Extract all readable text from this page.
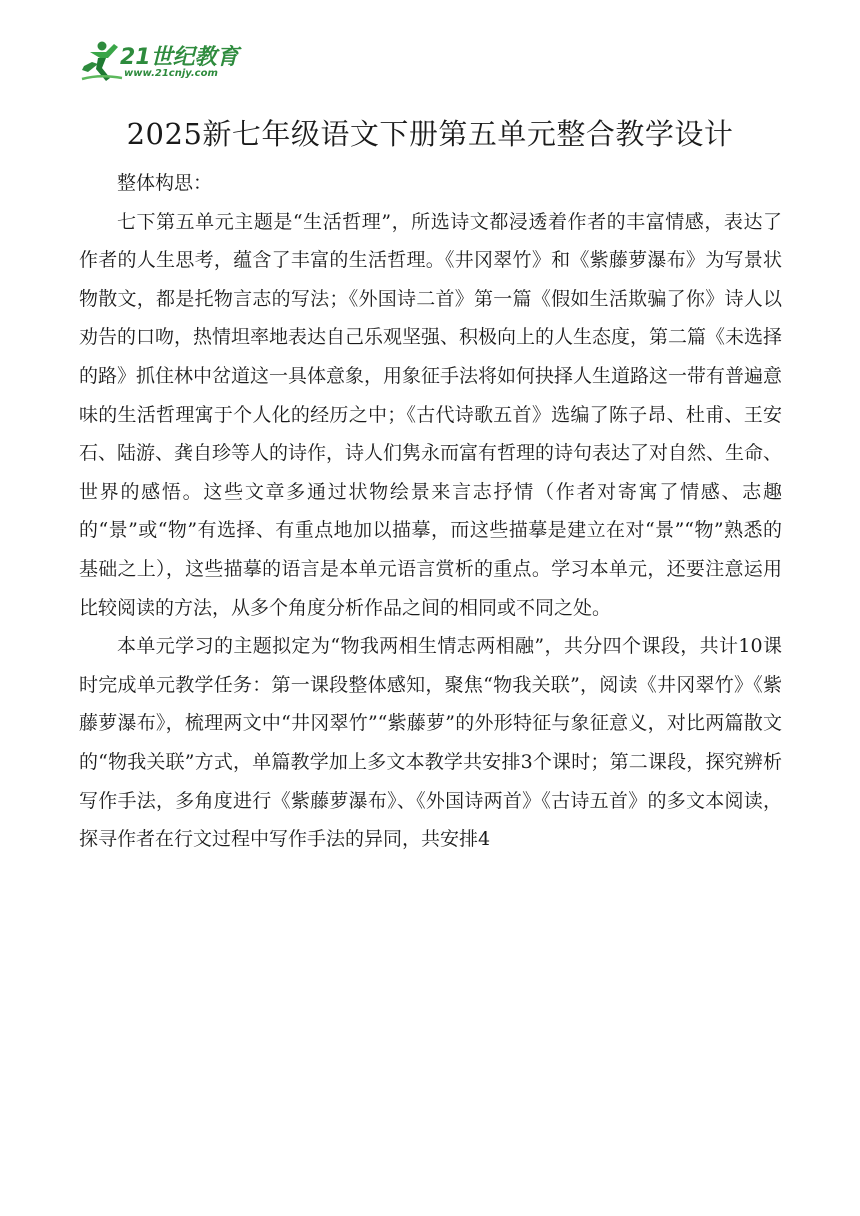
21世纪教育
www.21cnjy.com
2025新七年级语文下册第五单元整合教学设计

整体构思：

七下第五单元主题是“生活哲理”，所选诗文都浸透着作者的丰富情感，表达了作者的人生思考，蕴含了丰富的生活哲理。《井冈翠竹》和《紫藤萝瀑布》为写景状物散文，都是托物言志的写法；《外国诗二首》第一篇《假如生活欺骗了你》诗人以劝告的口吻，热情坦率地表达自己乐观坚强、积极向上的人生态度，第二篇《未选择的路》抓住林中岔道这一具体意象，用象征手法将如何抉择人生道路这一带有普遍意味的生活哲理寓于个人化的经历之中；《古代诗歌五首》选编了陈子昂、杜甫、王安石、陆游、龚自珍等人的诗作，诗人们隽永而富有哲理的诗句表达了对自然、生命、世界的感悟。这些文章多通过状物绘景来言志抒情（作者对寄寓了情感、志趣的“景”或“物”有选择、有重点地加以描摹，而这些描摹是建立在对“景”“物”熟悉的基础之上），这些描摹的语言是本单元语言赏析的重点。学习本单元，还要注意运用比较阅读的方法，从多个角度分析作品之间的相同或不同之处。

本单元学习的主题拟定为“物我两相生情志两相融”，共分四个课段，共计10课时完成单元教学任务：第一课段整体感知，聚焦“物我关联”，阅读《井冈翠竹》《紫藤萝瀑布》，梳理两文中“井冈翠竹”“紫藤萝”的外形特征与象征意义，对比两篇散文的“物我关联”方式，单篇教学加上多文本教学共安排3个课时；第二课段，探究辨析写作手法，多角度进行《紫藤萝瀑布》、《外国诗两首》《古诗五首》的多文本阅读，探寻作者在行文过程中写作手法的异同，共安排4
